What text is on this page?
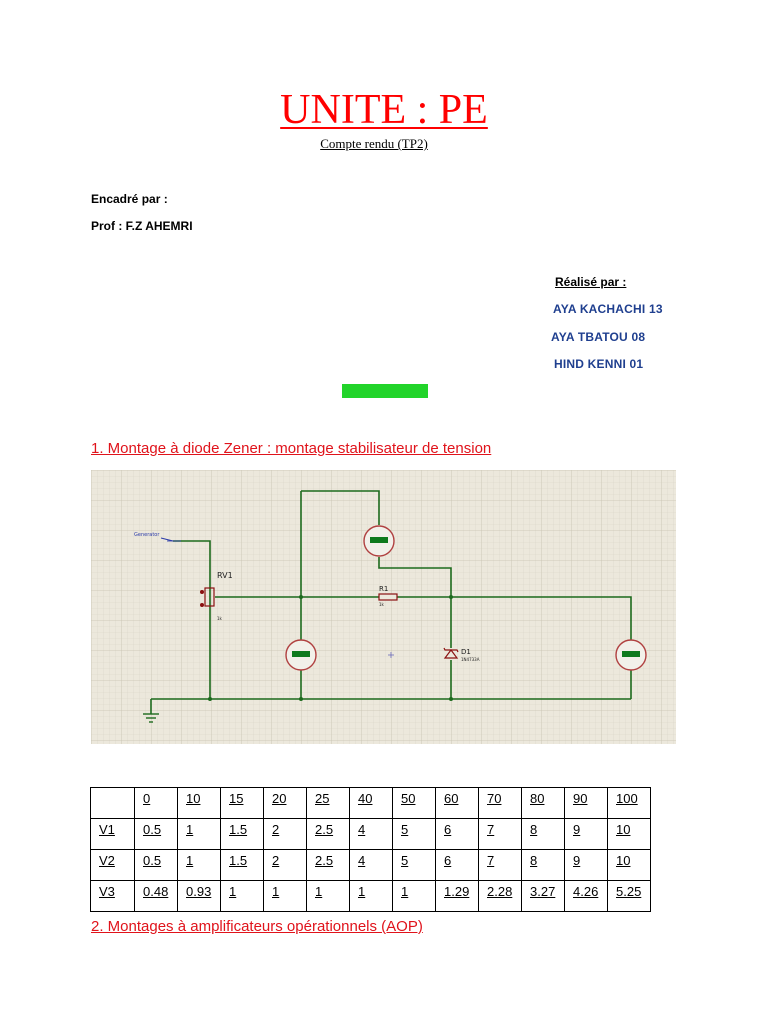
UNITE : PE
Compte rendu (TP2)
Encadré par :
Prof : F.Z AHEMRI
Réalisé par :
AYA KACHACHI 13
AYA TBATOU 08
HIND KENNI 01
1. Montage à diode Zener : montage stabilisateur de tension
Generator
RV1
1k
R1
1k
D1
1N4733A
	0	10	15	20	25	40	50	60	70	80	90	100
V1	0.5	1	1.5	2	2.5	4	5	6	7	8	9	10
V2	0.5	1	1.5	2	2.5	4	5	6	7	8	9	10
V3	0.48	0.93	1	1	1	1	1	1.29	2.28	3.27	4.26	5.25
2. Montages à amplificateurs opérationnels (AOP)
